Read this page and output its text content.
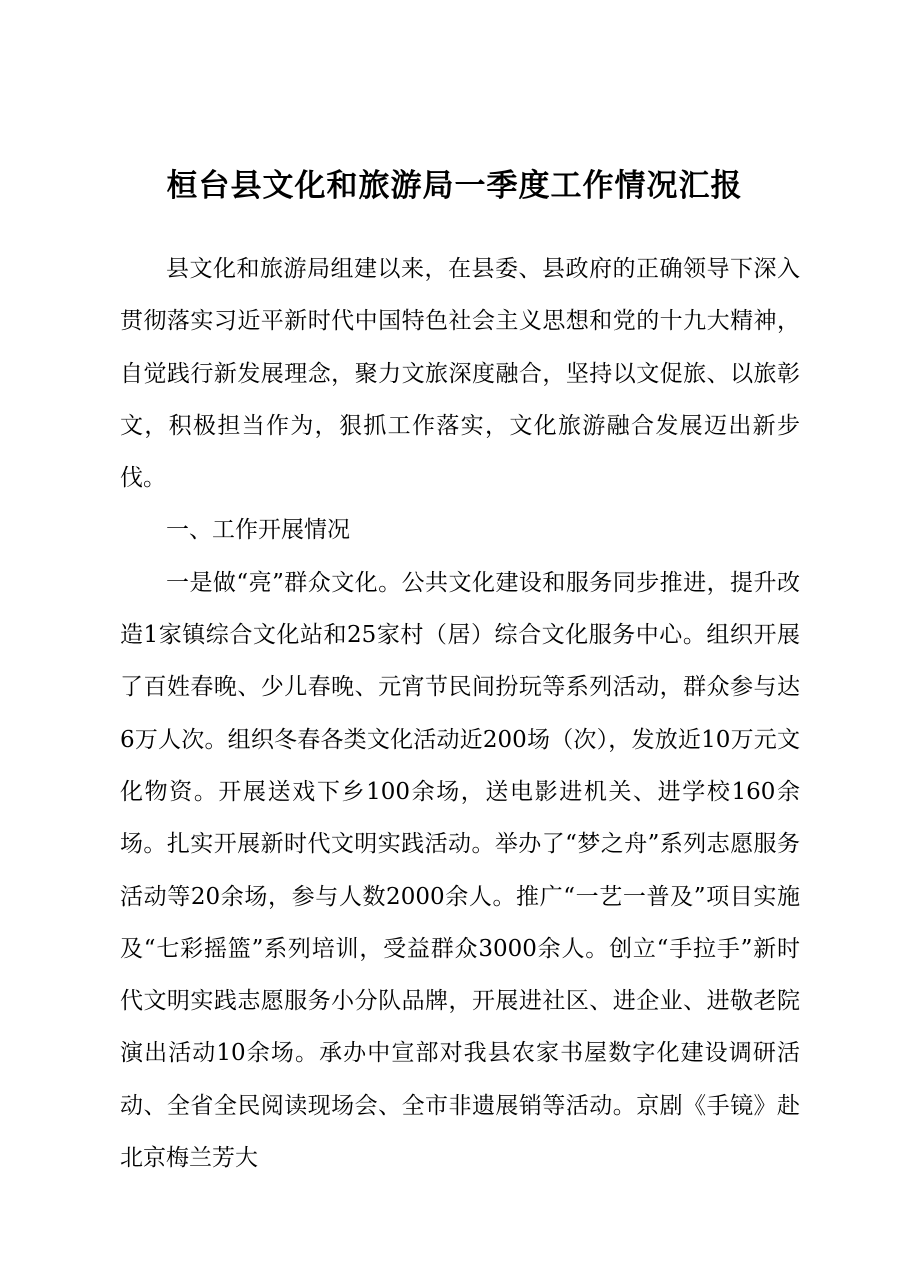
桓台县文化和旅游局一季度工作情况汇报

县文化和旅游局组建以来，在县委、县政府的正确领导下深入贯彻落实习近平新时代中国特色社会主义思想和党的十九大精神，自觉践行新发展理念，聚力文旅深度融合，坚持以文促旅、以旅彰文，积极担当作为，狠抓工作落实，文化旅游融合发展迈出新步伐。

一、工作开展情况

一是做“亮”群众文化。公共文化建设和服务同步推进，提升改造1家镇综合文化站和25家村（居）综合文化服务中心。组织开展了百姓春晚、少儿春晚、元宵节民间扮玩等系列活动，群众参与达6万人次。组织冬春各类文化活动近200场（次），发放近10万元文化物资。开展送戏下乡100余场，送电影进机关、进学校160余场。扎实开展新时代文明实践活动。举办了“梦之舟”系列志愿服务活动等20余场，参与人数2000余人。推广“一艺一普及”项目实施及“七彩摇篮”系列培训，受益群众3000余人。创立“手拉手”新时代文明实践志愿服务小分队品牌，开展进社区、进企业、进敬老院演出活动10余场。承办中宣部对我县农家书屋数字化建设调研活动、全省全民阅读现场会、全市非遗展销等活动。京剧《手镜》赴北京梅兰芳大
